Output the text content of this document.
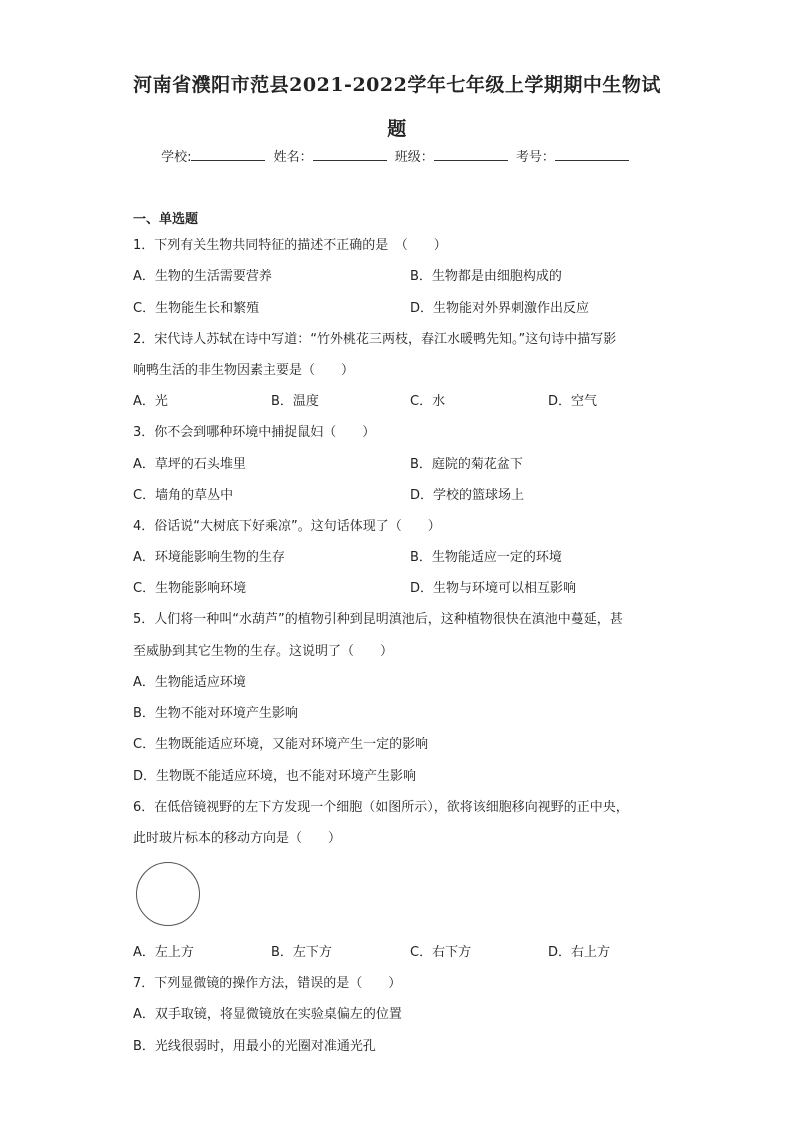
河南省濮阳市范县2021-2022学年七年级上学期期中生物试
题
学校:	姓名：	班级：	考号：
一、单选题
1．下列有关生物共同特征的描述不正确的是　（　　）
A．生物的生活需要营养	B．生物都是由细胞构成的
C．生物能生长和繁殖	D．生物能对外界刺激作出反应
2．宋代诗人苏轼在诗中写道：“竹外桃花三两枝，春江水暖鸭先知。”这句诗中描写影
响鸭生活的非生物因素主要是（　　）
A．光	B．温度	C．水	D．空气
3．你不会到哪种环境中捕捉鼠妇（　　）
A．草坪的石头堆里	B．庭院的菊花盆下
C．墙角的草丛中	D．学校的篮球场上
4．俗话说“大树底下好乘凉”。这句话体现了（　　）
A．环境能影响生物的生存	B．生物能适应一定的环境
C．生物能影响环境	D．生物与环境可以相互影响
5．人们将一种叫“水葫芦”的植物引种到昆明滇池后，这种植物很快在滇池中蔓延，甚
至威胁到其它生物的生存。这说明了（　　）
A．生物能适应环境
B．生物不能对环境产生影响
C．生物既能适应环境，又能对环境产生一定的影响
D．生物既不能适应环境，也不能对环境产生影响
6．在低倍镜视野的左下方发现一个细胞（如图所示），欲将该细胞移向视野的正中央，
此时玻片标本的移动方向是（　　）
A．左上方	B．左下方	C．右下方	D．右上方
7．下列显微镜的操作方法，错误的是（　　）
A．双手取镜，将显微镜放在实验桌偏左的位置
B．光线很弱时，用最小的光圈对准通光孔
